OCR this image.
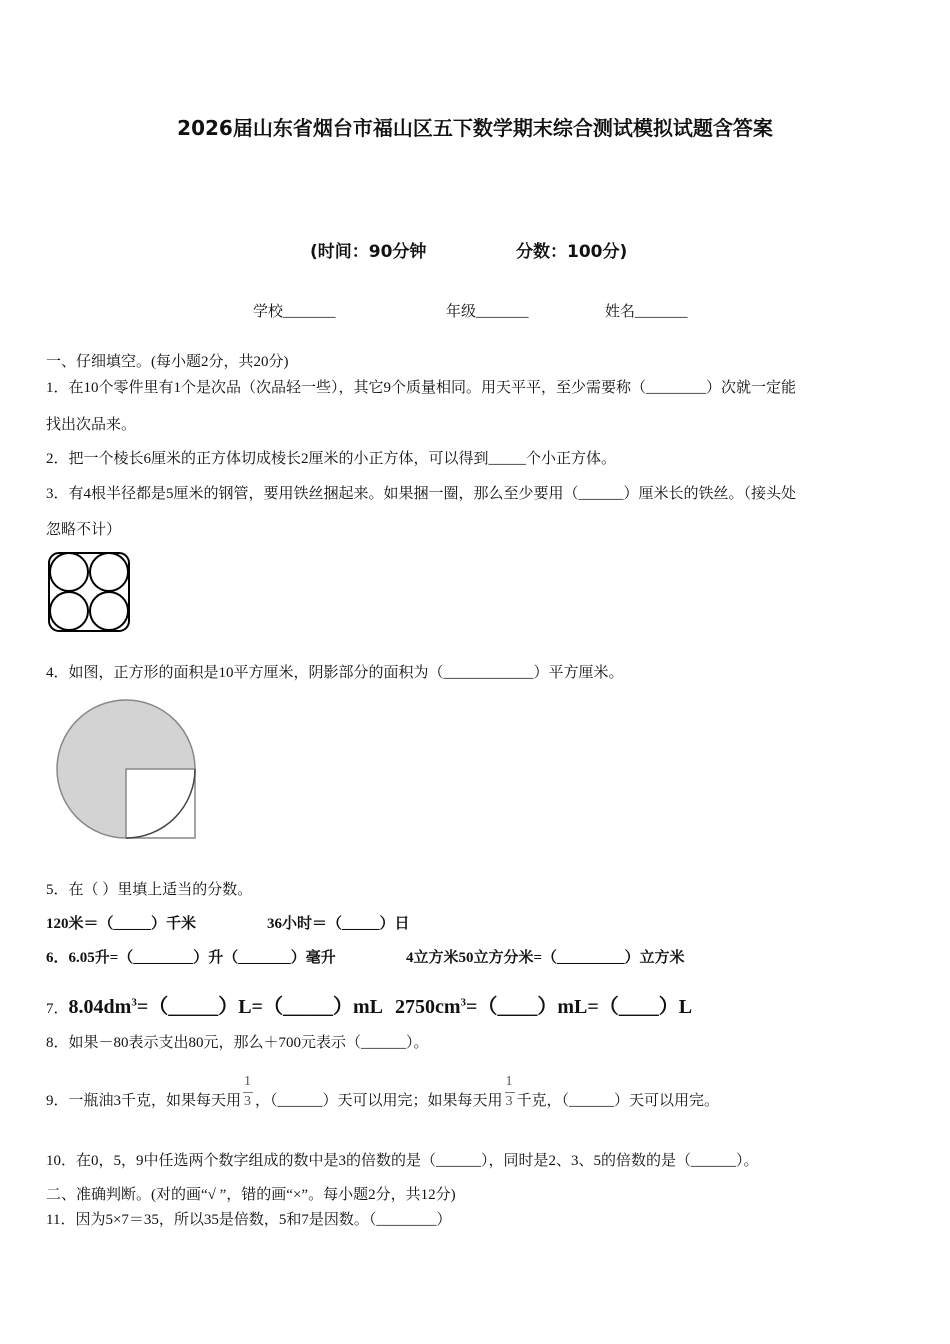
2026届山东省烟台市福山区五下数学期末综合测试模拟试题含答案
(时间：90分钟	分数：100分)
学校_______	年级_______	姓名_______
一、仔细填空。(每小题2分，共20分)
1．在10个零件里有1个是次品（次品轻一些），其它9个质量相同。用天平平，至少需要称（________）次就一定能
找出次品来。
2．把一个棱长6厘米的正方体切成棱长2厘米的小正方体，可以得到_____个小正方体。
3．有4根半径都是5厘米的钢管，要用铁丝捆起来。如果捆一圈，那么至少要用（______）厘米长的铁丝。（接头处
忽略不计）
4．如图，正方形的面积是10平方厘米，阴影部分的面积为（____________）平方厘米。
5．在（ ）里填上适当的分数。
120米＝（_____）千米	36小时＝（_____）日
6．6.05升=（________）升（_______）毫升	4立方米50立方分米=（_________）立方米
7．$8.04dm^3=(\_\_\_\_\_)L=(\_\_\_\_\_)mL$ $2750cm^3=(\_\_\_\_)mL=(\_\_\_\_)L$
8．如果－80表示支出80元，那么＋700元表示（______）。
9．一瓶油3千克，如果每天用 $\frac{1}{3}$ ，（______）天可以用完；如果每天用 $\frac{1}{3}$ 千克，（______）天可以用完。
10．在0，5，9中任选两个数字组成的数中是3的倍数的是（______），同时是2、3、5的倍数的是（______）。
二、准确判断。(对的画“√ ”，错的画“×”。每小题2分，共12分)
11．因为5×7＝35，所以35是倍数，5和7是因数。（________）
